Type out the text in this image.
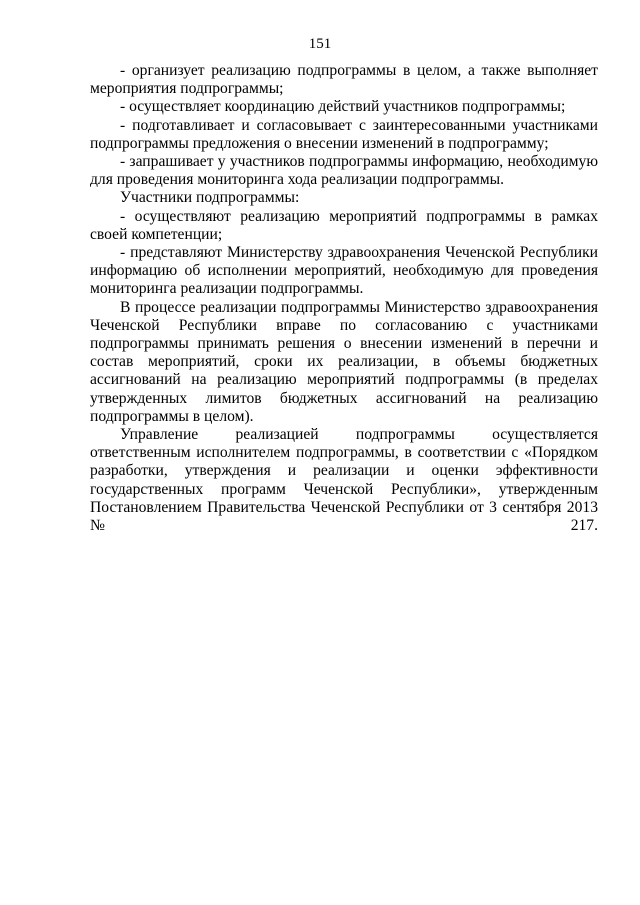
151

- организует реализацию подпрограммы в целом, а также выполняет мероприятия подпрограммы;

- осуществляет координацию действий участников подпрограммы;

- подготавливает и согласовывает с заинтересованными участниками подпрограммы предложения о внесении изменений в подпрограмму;

- запрашивает у участников подпрограммы информацию, необходимую для проведения мониторинга хода реализации подпрограммы.

Участники подпрограммы:

- осуществляют реализацию мероприятий подпрограммы в рамках своей компетенции;

- представляют Министерству здравоохранения Чеченской Республики информацию об исполнении мероприятий, необходимую для проведения мониторинга реализации подпрограммы.

В процессе реализации подпрограммы Министерство здравоохранения Чеченской Республики вправе по согласованию с участниками подпрограммы принимать решения о внесении изменений в перечни и состав мероприятий, сроки их реализации, в объемы бюджетных ассигнований на реализацию мероприятий подпрограммы (в пределах утвержденных лимитов бюджетных ассигнований на реализацию подпрограммы в целом).

Управление реализацией подпрограммы осуществляется ответственным исполнителем подпрограммы, в соответствии с «Порядком разработки, утверждения и реализации и оценки эффективности государственных программ Чеченской Республики», утвержденным Постановлением Правительства Чеченской Республики от 3 сентября 2013 № 217.
